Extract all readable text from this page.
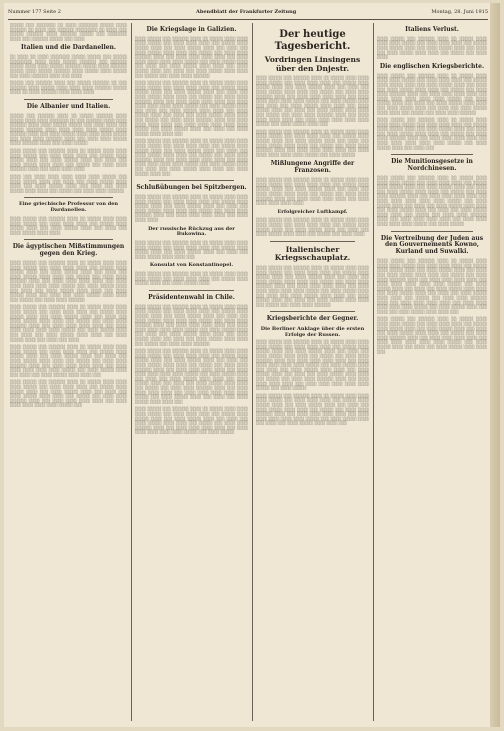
Nummer 177 Seite 2	Abendblatt der Frankfurter Zeitung	Montag, 28. Juni 1915
░░░░░ ░░░ ░░░░░░░ ░░ ░░░░ ░░░░░░░ ░░░░░ ░░░░ ░░░░░░ ░░ ░░░░ ░░░ ░░░░░░ ░░░░░░░░ ░░ ░░░░ ░░░ ░░░░░ ░░░░░░ ░░░░ ░░░░░░ ░░░░░ ░░░ ░░░░░░░ ░░░░ ░░░ ░░░░░░ ░░░░░ ░░░ ░░░░
Italien und die Dardanellen.
░░ ░░░░ ░░ ░░░░ ░░░░░░░ ░░░░░ ░░░░░ ░░░ ░░░░░ ░░░░░░░░ ░░░░ ░░░░ ░░░░░ ░░░░░░ ░░░ ░░░░░░ ░░░░░ ░░░░ ░░░░ ░░░░░ ░░░░░░ ░░░░░ ░░░░ ░░░░░░ ░░░░░ ░░░░ ░░░░░ ░░░░░░ ░░░░ ░░░░░ ░░░░ ░░░░░ ░░░ ░░░░ ░░░░░░ ░░░░ ░░░ ░░░░
░░░░░ ░░░ ░░░░░░ ░░░░ ░░░ ░░░░░ ░░░░░░ ░░ ░░░ ░░░░░░ ░░░░ ░░░░░ ░░░░ ░░░░ ░░░░ ░░░░░░ ░░░░░ ░░░░ ░░ ░░░░ ░░░░░░ ░░░░ ░░░░ ░░░░
Die Albanier und Italien.
░░░░░ ░░░ ░░░░░░ ░░░░ ░░ ░░░░░ ░░░░░░ ░░░░ ░░░░░ ░░░░ ░░░░ ░░░░░░░ ░░ ░░░ ░░░░░░ ░░░░ ░░░░ ░░░░░░ ░░░░ ░░░░ ░░░░░ ░░░░░ ░░░ ░░░░ ░░░░ ░░░ ░░░░░ ░░░░░░ ░░░░ ░░░░ ░░░░ ░░░░ ░░░░░ ░░░░ ░░░░░░ ░░░░ ░░░ ░░░░ ░░░░░ ░░░░ ░░░░ ░░░░ ░░░░░ ░░░ ░░░░ ░░░░ ░░░░░░ ░░░░ ░░░ ░░░░ ░░░░ ░░░░░ ░░░░ ░░░░░░ ░░░░ ░░░ ░░░░ ░░░░░
░░░░ ░░░░░ ░░░ ░░░░░░ ░░░░ ░░ ░░░░░ ░░░░ ░░░░ ░░░░ ░░░░░ ░░░ ░░░░ ░░░░ ░░░░ ░░░ ░░░░░ ░░░░ ░░░░░ ░░░░ ░░░ ░░░░ ░░░░░ ░░░░ ░░░ ░░░░ ░░░ ░░░░ ░░░░░ ░░░░ ░░░░ ░░░ ░░░░░ ░░░ ░░░░ ░░░░ ░░░░░░ ░░░░ ░░░ ░░░░ ░░░░ ░░░░
░░░░ ░░░ ░░░░ ░░░░ ░░░░ ░░░░ ░░░░ ░░░░░ ░░░ ░░░░ ░░░░░ ░░░░ ░░░ ░░░░ ░░░ ░░░░ ░░░░░ ░░░░ ░░░░ ░░░ ░░░░ ░░░░░ ░░░░ ░░░ ░░░░ ░░░ ░░░░ ░░░░░ ░░░░ ░░░░ ░░░ ░░░░░ ░░░ ░░░░ ░░░░ ░░░░░░
Eine griechische Professur von den Dardanellen.
░░░░ ░░░░░ ░░░ ░░░░░░ ░░░░ ░░ ░░░░░ ░░░░ ░░░░ ░░░░ ░░░░░ ░░░ ░░░░ ░░░░ ░░░░ ░░░ ░░░░░ ░░░░ ░░░░░ ░░░░ ░░░ ░░░░ ░░░░░ ░░░░ ░░░ ░░░░ ░░░ ░░░░ ░░░░░ ░░░░ ░░░░
Die ägyptischen Mißstimmungen gegen den Krieg.
░░░░ ░░░░░ ░░░ ░░░░░░ ░░░░ ░░ ░░░░░ ░░░░ ░░░░ ░░░░ ░░░░░ ░░░ ░░░░ ░░░░ ░░░░ ░░░ ░░░░░ ░░░░ ░░░░░ ░░░░ ░░░ ░░░░ ░░░░░ ░░░░ ░░░ ░░░░ ░░░ ░░░░ ░░░░░ ░░░░ ░░░░ ░░░ ░░░░░ ░░░ ░░░░ ░░░░ ░░░░░░ ░░░░ ░░░ ░░░░ ░░░░ ░░░░ ░░░░ ░░░ ░░░░ ░░░░ ░░░░ ░░░░ ░░░░ ░░░░░ ░░░ ░░░░ ░░░░░ ░░░░ ░░░ ░░░░ ░░░ ░░░░ ░░░░░ ░░░░ ░░░░ ░░░ ░░░░ ░░░░░ ░░░░ ░░░ ░░░░ ░░░ ░░░░ ░░░░░ ░░░░ ░░░░ ░░░ ░░░░░ ░░░ ░░░░ ░░░░ ░░░░░░
░░░░ ░░░░░ ░░░ ░░░░░░ ░░░░ ░░ ░░░░░ ░░░░ ░░░░ ░░░░ ░░░░░ ░░░ ░░░░ ░░░░ ░░░░ ░░░ ░░░░░ ░░░░ ░░░░░ ░░░░ ░░░ ░░░░ ░░░░░ ░░░░ ░░░ ░░░░ ░░░ ░░░░ ░░░░░ ░░░░ ░░░░ ░░░ ░░░░░ ░░░ ░░░░ ░░░░ ░░░░░░ ░░░░ ░░░ ░░░░ ░░░░ ░░░░ ░░░░ ░░░ ░░░░ ░░░░ ░░░░ ░░░░ ░░░░ ░░░░░ ░░░ ░░░░ ░░░░░ ░░░░ ░░░ ░░░░ ░░░ ░░░░ ░░░░░ ░░░░ ░░░░ ░░░ ░░░░ ░░░░░ ░░░░ ░░░ ░░░░ ░░░ ░░░░
░░░░ ░░░░░ ░░░ ░░░░░░ ░░░░ ░░ ░░░░░ ░░░░ ░░░░ ░░░░ ░░░░░ ░░░ ░░░░ ░░░░ ░░░░ ░░░ ░░░░░ ░░░░ ░░░░░ ░░░░ ░░░ ░░░░ ░░░░░ ░░░░ ░░░ ░░░░ ░░░ ░░░░ ░░░░░ ░░░░ ░░░░ ░░░ ░░░░░ ░░░ ░░░░ ░░░░ ░░░░░░ ░░░░ ░░░ ░░░░ ░░░░ ░░░░ ░░░░ ░░░ ░░░░ ░░░░ ░░░░ ░░░░ ░░░░ ░░░░░ ░░░ ░░░░ ░░░░░ ░░░░ ░░░ ░░░░ ░░░ ░░░░ ░░░░░ ░░░░ ░░░░ ░░░
░░░░ ░░░░░ ░░░ ░░░░░░ ░░░░ ░░ ░░░░░ ░░░░ ░░░░ ░░░░ ░░░░░ ░░░ ░░░░ ░░░░ ░░░░ ░░░ ░░░░░ ░░░░ ░░░░░ ░░░░ ░░░ ░░░░ ░░░░░ ░░░░ ░░░ ░░░░ ░░░ ░░░░ ░░░░░ ░░░░ ░░░░ ░░░ ░░░░░ ░░░ ░░░░ ░░░░ ░░░░░░ ░░░░ ░░░ ░░░░ ░░░░ ░░░░ ░░░░ ░░░ ░░░░ ░░░░ ░░░░ ░░░░ ░░░░ ░░░░░ ░░░
Die Kriegslage in Galizien.
░░░░ ░░░░░ ░░░ ░░░░░░ ░░░░ ░░ ░░░░░ ░░░░ ░░░░ ░░░░ ░░░░░ ░░░ ░░░░ ░░░░ ░░░░ ░░░ ░░░░░ ░░░░ ░░░░░ ░░░░ ░░░ ░░░░ ░░░░░ ░░░░ ░░░ ░░░░ ░░░ ░░░░ ░░░░░ ░░░░ ░░░░ ░░░ ░░░░░ ░░░ ░░░░ ░░░░ ░░░░░░ ░░░░ ░░░ ░░░░ ░░░░ ░░░░ ░░░░ ░░░ ░░░░ ░░░░ ░░░░ ░░░░ ░░░░ ░░░░░ ░░░ ░░░░ ░░░░░ ░░░░ ░░░ ░░░░ ░░░ ░░░░ ░░░░░ ░░░░ ░░░░ ░░░ ░░░░ ░░░░░ ░░░░ ░░░ ░░░░ ░░░ ░░░░ ░░░░░ ░░░░ ░░░░ ░░░ ░░░░░ ░░░ ░░░░ ░░░░ ░░░░░░
░░░░ ░░░░░ ░░░ ░░░░░░ ░░░░ ░░ ░░░░░ ░░░░ ░░░░ ░░░░ ░░░░░ ░░░ ░░░░ ░░░░ ░░░░ ░░░ ░░░░░ ░░░░ ░░░░░ ░░░░ ░░░ ░░░░ ░░░░░ ░░░░ ░░░ ░░░░ ░░░ ░░░░ ░░░░░ ░░░░ ░░░░ ░░░ ░░░░░ ░░░ ░░░░ ░░░░ ░░░░░░ ░░░░ ░░░ ░░░░ ░░░░ ░░░░ ░░░░ ░░░ ░░░░ ░░░░ ░░░░ ░░░░ ░░░░ ░░░░░ ░░░ ░░░░ ░░░░░ ░░░░ ░░░ ░░░░ ░░░ ░░░░ ░░░░░ ░░░░ ░░░░ ░░░ ░░░░ ░░░░░ ░░░░ ░░░ ░░░░ ░░░ ░░░░ ░░░░░ ░░░░ ░░░░ ░░░ ░░░░░ ░░░ ░░░░ ░░░░ ░░░░░░ ░░░░ ░░░ ░░░░ ░░░░ ░░░░ ░░░░ ░░░ ░░░░ ░░░░ ░░░░ ░░░░ ░░░░ ░░░░░ ░░░ ░░░░ ░░░░░ ░░░░ ░░░ ░░░░ ░░░ ░░░░ ░░░░░ ░░░░ ░░░░ ░░░
░░░░ ░░░░░ ░░░ ░░░░░░ ░░░░ ░░ ░░░░░ ░░░░ ░░░░ ░░░░ ░░░░░ ░░░ ░░░░ ░░░░ ░░░░ ░░░ ░░░░░ ░░░░ ░░░░░ ░░░░ ░░░ ░░░░ ░░░░░ ░░░░ ░░░ ░░░░ ░░░ ░░░░ ░░░░░ ░░░░ ░░░░ ░░░ ░░░░░ ░░░ ░░░░ ░░░░ ░░░░░░ ░░░░ ░░░ ░░░░ ░░░░ ░░░░ ░░░░ ░░░ ░░░░ ░░░░ ░░░░ ░░░░ ░░░░ ░░░░░ ░░░ ░░░░ ░░░░░ ░░░░ ░░░ ░░░░ ░░░ ░░░░ ░░░░░ ░░░░ ░░░░ ░░░ ░░░░ ░░░░░ ░░░░ ░░░
Schlußübungen bei Spitzbergen.
░░░░ ░░░░░ ░░░ ░░░░░░ ░░░░ ░░ ░░░░░ ░░░░ ░░░░ ░░░░ ░░░░░ ░░░ ░░░░ ░░░░ ░░░░ ░░░ ░░░░░ ░░░░ ░░░░░ ░░░░ ░░░ ░░░░ ░░░░░ ░░░░ ░░░ ░░░░ ░░░ ░░░░ ░░░░░ ░░░░ ░░░░ ░░░ ░░░░░ ░░░ ░░░░ ░░░░ ░░░░░░ ░░░░ ░░░ ░░░░ ░░░░ ░░░░ ░░░░ ░░░ ░░░░ ░░░░ ░░░░
Der russische Rückzug aus der Bukowina.
░░░░ ░░░░░ ░░░ ░░░░░░ ░░░░ ░░ ░░░░░ ░░░░ ░░░░ ░░░░ ░░░░░ ░░░ ░░░░ ░░░░ ░░░░ ░░░ ░░░░░ ░░░░ ░░░░░ ░░░░ ░░░ ░░░░ ░░░░░ ░░░░ ░░░ ░░░░ ░░░ ░░░░ ░░░░░ ░░░░ ░░░░ ░░░
Konsulat von Konstantinopel.
░░░░ ░░░░░ ░░░ ░░░░░░ ░░░░ ░░ ░░░░░ ░░░░ ░░░░ ░░░░ ░░░░░ ░░░ ░░░░ ░░░░ ░░░░ ░░░ ░░░░░ ░░░░ ░░░░░ ░░░░ ░░░ ░░░░ ░░░░░ ░░░░
Präsidentenwahl in Chile.
░░░░ ░░░░░ ░░░ ░░░░░░ ░░░░ ░░ ░░░░░ ░░░░ ░░░░ ░░░░ ░░░░░ ░░░ ░░░░ ░░░░ ░░░░ ░░░ ░░░░░ ░░░░ ░░░░░ ░░░░ ░░░ ░░░░ ░░░░░ ░░░░ ░░░ ░░░░ ░░░ ░░░░ ░░░░░ ░░░░ ░░░░ ░░░ ░░░░░ ░░░ ░░░░ ░░░░ ░░░░░░ ░░░░ ░░░ ░░░░ ░░░░ ░░░░ ░░░░ ░░░ ░░░░ ░░░░ ░░░░ ░░░░ ░░░░ ░░░░░ ░░░ ░░░░ ░░░░░ ░░░░ ░░░ ░░░░ ░░░ ░░░░ ░░░░░ ░░░░ ░░░░ ░░░ ░░░░ ░░░░░ ░░░░ ░░░ ░░░░ ░░░ ░░░░ ░░░░░ ░░░░ ░░░░ ░░░ ░░░░░ ░░░ ░░░░ ░░░░ ░░░░░░
░░░░ ░░░░░ ░░░ ░░░░░░ ░░░░ ░░ ░░░░░ ░░░░ ░░░░ ░░░░ ░░░░░ ░░░ ░░░░ ░░░░ ░░░░ ░░░ ░░░░░ ░░░░ ░░░░░ ░░░░ ░░░ ░░░░ ░░░░░ ░░░░ ░░░ ░░░░ ░░░ ░░░░ ░░░░░ ░░░░ ░░░░ ░░░ ░░░░░ ░░░ ░░░░ ░░░░ ░░░░░░ ░░░░ ░░░ ░░░░ ░░░░ ░░░░ ░░░░ ░░░ ░░░░ ░░░░ ░░░░ ░░░░ ░░░░ ░░░░░ ░░░ ░░░░ ░░░░░ ░░░░ ░░░ ░░░░ ░░░ ░░░░ ░░░░░ ░░░░ ░░░░ ░░░ ░░░░ ░░░░░ ░░░░ ░░░ ░░░░ ░░░ ░░░░ ░░░░░ ░░░░ ░░░░ ░░░ ░░░░░ ░░░ ░░░░ ░░░░ ░░░░░░ ░░░░ ░░░ ░░░░ ░░░░ ░░░░ ░░░░ ░░░ ░░░░ ░░░░ ░░░░ ░░░░ ░░░░ ░░░░░ ░░░ ░░░░ ░░░░░ ░░░░ ░░░ ░░░░ ░░░ ░░░░ ░░░░░ ░░░░ ░░░░ ░░░
░░░░ ░░░░░ ░░░ ░░░░░░ ░░░░ ░░ ░░░░░ ░░░░ ░░░░ ░░░░ ░░░░░ ░░░ ░░░░ ░░░░ ░░░░ ░░░ ░░░░░ ░░░░ ░░░░░ ░░░░ ░░░ ░░░░ ░░░░░ ░░░░ ░░░ ░░░░ ░░░ ░░░░ ░░░░░ ░░░░ ░░░░ ░░░ ░░░░░ ░░░ ░░░░ ░░░░ ░░░░░░ ░░░░ ░░░ ░░░░ ░░░░ ░░░░ ░░░░ ░░░ ░░░░ ░░░░ ░░░░ ░░░░ ░░░░ ░░░░░ ░░░ ░░░░ ░░░░░
Der heutige Tagesbericht.
Vordringen Linsingens über den Dnjestr.
░░░░ ░░░░░ ░░░ ░░░░░░ ░░░░ ░░ ░░░░░ ░░░░ ░░░░ ░░░░ ░░░░░ ░░░ ░░░░ ░░░░ ░░░░ ░░░ ░░░░░ ░░░░ ░░░░░ ░░░░ ░░░ ░░░░ ░░░░░ ░░░░ ░░░ ░░░░ ░░░ ░░░░ ░░░░░ ░░░░ ░░░░ ░░░ ░░░░░ ░░░ ░░░░ ░░░░ ░░░░░░ ░░░░ ░░░ ░░░░ ░░░░ ░░░░ ░░░░ ░░░ ░░░░ ░░░░ ░░░░ ░░░░ ░░░░ ░░░░░ ░░░ ░░░░ ░░░░░ ░░░░ ░░░ ░░░░ ░░░ ░░░░ ░░░░░ ░░░░ ░░░░ ░░░ ░░░░ ░░░░░ ░░░░ ░░░ ░░░░ ░░░ ░░░░ ░░░░░ ░░░░ ░░░░ ░░░ ░░░░░ ░░░ ░░░░ ░░░░ ░░░░░░ ░░░░ ░░░ ░░░░ ░░░░ ░░░░ ░░░░ ░░░ ░░░░ ░░░░ ░░░░ ░░░░ ░░░░ ░░░░░ ░░░ ░░░░ ░░░░░ ░░░░ ░░░
░░░░ ░░░░░ ░░░ ░░░░░░ ░░░░ ░░ ░░░░░ ░░░░ ░░░░ ░░░░ ░░░░░ ░░░ ░░░░ ░░░░ ░░░░ ░░░ ░░░░░ ░░░░ ░░░░░ ░░░░ ░░░ ░░░░ ░░░░░ ░░░░ ░░░ ░░░░ ░░░ ░░░░ ░░░░░ ░░░░ ░░░░ ░░░ ░░░░░ ░░░ ░░░░ ░░░░ ░░░░░░ ░░░░ ░░░ ░░░░ ░░░░ ░░░░ ░░░░ ░░░ ░░░░ ░░░░ ░░░░ ░░░░ ░░░░ ░░░░░ ░░░ ░░░░ ░░░░░
Mißlungene Angriffe der Franzosen.
░░░░ ░░░░░ ░░░ ░░░░░░ ░░░░ ░░ ░░░░░ ░░░░ ░░░░ ░░░░ ░░░░░ ░░░ ░░░░ ░░░░ ░░░░ ░░░ ░░░░░ ░░░░ ░░░░░ ░░░░ ░░░ ░░░░ ░░░░░ ░░░░ ░░░ ░░░░ ░░░ ░░░░ ░░░░░ ░░░░ ░░░░ ░░░ ░░░░░ ░░░ ░░░░ ░░░░ ░░░░░░ ░░░░ ░░░ ░░░░ ░░░░ ░░░░ ░░░░ ░░░ ░░░░ ░░░░ ░░░░ ░░░░ ░░░░
Erfolgreicher Luftkampf.
░░░░ ░░░░░ ░░░ ░░░░░░ ░░░░ ░░ ░░░░░ ░░░░ ░░░░ ░░░░ ░░░░░ ░░░ ░░░░ ░░░░ ░░░░ ░░░ ░░░░░ ░░░░ ░░░░░ ░░░░ ░░░ ░░░░ ░░░░░ ░░░░ ░░░ ░░░░ ░░░ ░░░░ ░░░░░ ░░░░ ░░░░ ░░░ ░░░░░ ░░░ ░░░░ ░░░░
Italienischer Kriegsschauplatz.
░░░░ ░░░░░ ░░░ ░░░░░░ ░░░░ ░░ ░░░░░ ░░░░ ░░░░ ░░░░ ░░░░░ ░░░ ░░░░ ░░░░ ░░░░ ░░░ ░░░░░ ░░░░ ░░░░░ ░░░░ ░░░ ░░░░ ░░░░░ ░░░░ ░░░ ░░░░ ░░░ ░░░░ ░░░░░ ░░░░ ░░░░ ░░░ ░░░░░ ░░░ ░░░░ ░░░░ ░░░░░░ ░░░░ ░░░ ░░░░ ░░░░ ░░░░ ░░░░ ░░░ ░░░░ ░░░░ ░░░░ ░░░░ ░░░░ ░░░░░ ░░░ ░░░░ ░░░░░ ░░░░ ░░░ ░░░░ ░░░ ░░░░ ░░░░░ ░░░░ ░░░░ ░░░ ░░░░ ░░░░░ ░░░░ ░░░ ░░░░ ░░░ ░░░░ ░░░░░ ░░░░ ░░░░ ░░░ ░░░░░ ░░░ ░░░░ ░░░░ ░░░░░░
Kriegsberichte der Gegner.
Die Berliner Anklage über die ersten Erfolge der Russen.
░░░░ ░░░░░ ░░░ ░░░░░░ ░░░░ ░░ ░░░░░ ░░░░ ░░░░ ░░░░ ░░░░░ ░░░ ░░░░ ░░░░ ░░░░ ░░░ ░░░░░ ░░░░ ░░░░░ ░░░░ ░░░ ░░░░ ░░░░░ ░░░░ ░░░ ░░░░ ░░░ ░░░░ ░░░░░ ░░░░ ░░░░ ░░░ ░░░░░ ░░░ ░░░░ ░░░░ ░░░░░░ ░░░░ ░░░ ░░░░ ░░░░ ░░░░ ░░░░ ░░░ ░░░░ ░░░░ ░░░░ ░░░░ ░░░░ ░░░░░ ░░░ ░░░░ ░░░░░ ░░░░ ░░░ ░░░░ ░░░ ░░░░ ░░░░░ ░░░░ ░░░░ ░░░ ░░░░ ░░░░░ ░░░░ ░░░ ░░░░ ░░░ ░░░░ ░░░░░ ░░░░ ░░░░ ░░░ ░░░░░ ░░░ ░░░░ ░░░░ ░░░░░░ ░░░░ ░░░ ░░░░ ░░░░ ░░░░ ░░░░ ░░░ ░░░░ ░░░░ ░░░░ ░░░░ ░░░░ ░░░░░ ░░░ ░░░░ ░░░░░
░░░░ ░░░░░ ░░░ ░░░░░░ ░░░░ ░░ ░░░░░ ░░░░ ░░░░ ░░░░ ░░░░░ ░░░ ░░░░ ░░░░ ░░░░ ░░░ ░░░░░ ░░░░ ░░░░░ ░░░░ ░░░ ░░░░ ░░░░░ ░░░░ ░░░ ░░░░ ░░░ ░░░░ ░░░░░ ░░░░ ░░░░ ░░░ ░░░░░ ░░░ ░░░░ ░░░░ ░░░░░░ ░░░░ ░░░ ░░░░ ░░░░ ░░░░ ░░░░ ░░░ ░░░░ ░░░░ ░░░░ ░░░░ ░░░░ ░░░░░ ░░░ ░░░░ ░░░░░ ░░░░ ░░░ ░░░░ ░░░ ░░░░ ░░░░░ ░░░░ ░░░░ ░░░
Italiens Verlust.
░░░░ ░░░░░ ░░░ ░░░░░░ ░░░░ ░░ ░░░░░ ░░░░ ░░░░ ░░░░ ░░░░░ ░░░ ░░░░ ░░░░ ░░░░ ░░░ ░░░░░ ░░░░ ░░░░░ ░░░░ ░░░ ░░░░ ░░░░░ ░░░░ ░░░ ░░░░ ░░░ ░░░░ ░░░░░ ░░░░ ░░░░ ░░░ ░░░░░ ░░░ ░░░░ ░░░░
Die englischen Kriegsberichte.
░░░░ ░░░░░ ░░░ ░░░░░░ ░░░░ ░░ ░░░░░ ░░░░ ░░░░ ░░░░ ░░░░░ ░░░ ░░░░ ░░░░ ░░░░ ░░░ ░░░░░ ░░░░ ░░░░░ ░░░░ ░░░ ░░░░ ░░░░░ ░░░░ ░░░ ░░░░ ░░░ ░░░░ ░░░░░ ░░░░ ░░░░ ░░░ ░░░░░ ░░░ ░░░░ ░░░░ ░░░░░░ ░░░░ ░░░ ░░░░ ░░░░ ░░░░ ░░░░ ░░░ ░░░░ ░░░░ ░░░░ ░░░░ ░░░░ ░░░░░ ░░░ ░░░░ ░░░░░ ░░░░ ░░░ ░░░░ ░░░ ░░░░ ░░░░░ ░░░░ ░░░░ ░░░ ░░░░ ░░░░░ ░░░░ ░░░ ░░░░ ░░░ ░░░░ ░░░░░ ░░░░ ░░░░ ░░░ ░░░░░ ░░░ ░░░░ ░░░░ ░░░░░░
░░░░ ░░░░░ ░░░ ░░░░░░ ░░░░ ░░ ░░░░░ ░░░░ ░░░░ ░░░░ ░░░░░ ░░░ ░░░░ ░░░░ ░░░░ ░░░ ░░░░░ ░░░░ ░░░░░ ░░░░ ░░░ ░░░░ ░░░░░ ░░░░ ░░░ ░░░░ ░░░ ░░░░ ░░░░░ ░░░░ ░░░░ ░░░ ░░░░░ ░░░ ░░░░ ░░░░ ░░░░░░ ░░░░ ░░░ ░░░░ ░░░░ ░░░░ ░░░░ ░░░ ░░░░ ░░░░ ░░░░ ░░░░ ░░░░ ░░░░░ ░░░ ░░░░ ░░░░░ ░░░░ ░░░ ░░░░ ░░░
Die Munitionsgesetze in Nordchinesen.
░░░░ ░░░░░ ░░░ ░░░░░░ ░░░░ ░░ ░░░░░ ░░░░ ░░░░ ░░░░ ░░░░░ ░░░ ░░░░ ░░░░ ░░░░ ░░░ ░░░░░ ░░░░ ░░░░░ ░░░░ ░░░ ░░░░ ░░░░░ ░░░░ ░░░ ░░░░ ░░░ ░░░░ ░░░░░ ░░░░ ░░░░ ░░░ ░░░░░ ░░░ ░░░░ ░░░░ ░░░░░░ ░░░░ ░░░ ░░░░ ░░░░ ░░░░ ░░░░ ░░░ ░░░░ ░░░░ ░░░░ ░░░░ ░░░░ ░░░░░ ░░░ ░░░░ ░░░░░ ░░░░ ░░░ ░░░░ ░░░ ░░░░ ░░░░░ ░░░░ ░░░░ ░░░ ░░░░ ░░░░░ ░░░░ ░░░ ░░░░ ░░░ ░░░░ ░░░░░ ░░░░ ░░░░ ░░░ ░░░░░ ░░░ ░░░░ ░░░░ ░░░░░░ ░░░░ ░░░ ░░░░ ░░░░ ░░░░ ░░░░ ░░░ ░░░░ ░░░░ ░░░░ ░░░░ ░░░░ ░░░░░ ░░░ ░░░░ ░░░░░
Die Vertreibung der Juden aus den Gouvernements Kowno, Kurland und Suwalki.
░░░░ ░░░░░ ░░░ ░░░░░░ ░░░░ ░░ ░░░░░ ░░░░ ░░░░ ░░░░ ░░░░░ ░░░ ░░░░ ░░░░ ░░░░ ░░░ ░░░░░ ░░░░ ░░░░░ ░░░░ ░░░ ░░░░ ░░░░░ ░░░░ ░░░ ░░░░ ░░░ ░░░░ ░░░░░ ░░░░ ░░░░ ░░░ ░░░░░ ░░░ ░░░░ ░░░░ ░░░░░░ ░░░░ ░░░ ░░░░ ░░░░ ░░░░ ░░░░ ░░░ ░░░░ ░░░░ ░░░░ ░░░░ ░░░░ ░░░░░ ░░░ ░░░░ ░░░░░ ░░░░ ░░░ ░░░░ ░░░ ░░░░ ░░░░░ ░░░░ ░░░░ ░░░ ░░░░ ░░░░░ ░░░░ ░░░ ░░░░ ░░░ ░░░░ ░░░░░ ░░░░ ░░░░ ░░░ ░░░░░ ░░░ ░░░░ ░░░░ ░░░░░░ ░░░░ ░░░ ░░░░ ░░░░ ░░░░ ░░░░ ░░░ ░░░░ ░░░░ ░░░░ ░░░░ ░░░░ ░░░░░ ░░░ ░░░░ ░░░░░ ░░░░ ░░░ ░░░░ ░░░ ░░░░ ░░░░░ ░░░░ ░░░░ ░░░
░░░░ ░░░░░ ░░░ ░░░░░░ ░░░░ ░░ ░░░░░ ░░░░ ░░░░ ░░░░ ░░░░░ ░░░ ░░░░ ░░░░ ░░░░ ░░░ ░░░░░ ░░░░ ░░░░░ ░░░░ ░░░ ░░░░ ░░░░░ ░░░░ ░░░ ░░░░ ░░░ ░░░░ ░░░░░ ░░░░ ░░░░ ░░░ ░░░░░ ░░░ ░░░░ ░░░░ ░░░░░░ ░░░░ ░░░ ░░░░ ░░░░ ░░░░ ░░░░ ░░░ ░░░░ ░░░░ ░░░░ ░░░░ ░░░░ ░░░░░ ░░░ ░░░░ ░░░░░ ░░░░ ░░░ ░░░░ ░░░ ░░░░ ░░░░░ ░░░░ ░░░░ ░░░
